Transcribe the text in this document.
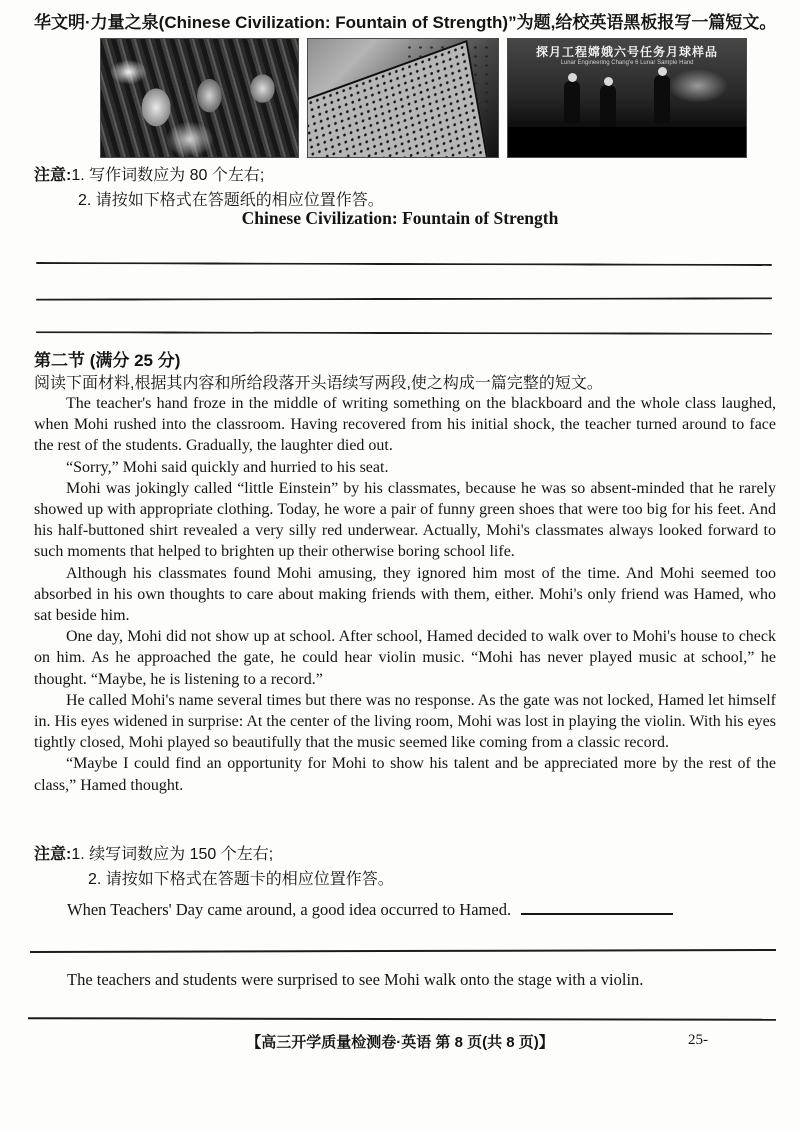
华文明·力量之泉(Chinese Civilization: Fountain of Strength)”为题,给校英语黑板报写一篇短文。
探月工程嫦娥六号任务月球样品
Lunar Engineering Chang'e 6 Lunar Sample Hand
注意:1. 写作词数应为 80 个左右;
2. 请按如下格式在答题纸的相应位置作答。
Chinese Civilization: Fountain of Strength
第二节 (满分 25 分)
阅读下面材料,根据其内容和所给段落开头语续写两段,使之构成一篇完整的短文。

The teacher's hand froze in the middle of writing something on the blackboard and the whole class laughed, when Mohi rushed into the classroom. Having recovered from his initial shock, the teacher turned around to face the rest of the students. Gradually, the laughter died out.

“Sorry,” Mohi said quickly and hurried to his seat.

Mohi was jokingly called “little Einstein” by his classmates, because he was so absent-minded that he rarely showed up with appropriate clothing. Today, he wore a pair of funny green shoes that were too big for his feet. And his half-buttoned shirt revealed a very silly red underwear. Actually, Mohi's classmates always looked forward to such moments that helped to brighten up their otherwise boring school life.

Although his classmates found Mohi amusing, they ignored him most of the time. And Mohi seemed too absorbed in his own thoughts to care about making friends with them, either. Mohi's only friend was Hamed, who sat beside him.

One day, Mohi did not show up at school. After school, Hamed decided to walk over to Mohi's house to check on him. As he approached the gate, he could hear violin music. “Mohi has never played music at school,” he thought. “Maybe, he is listening to a record.”

He called Mohi's name several times but there was no response. As the gate was not locked, Hamed let himself in. His eyes widened in surprise: At the center of the living room, Mohi was lost in playing the violin. With his eyes tightly closed, Mohi played so beautifully that the music seemed like coming from a classic record.

“Maybe I could find an opportunity for Mohi to show his talent and be appreciated more by the rest of the class,” Hamed thought.

注意:1. 续写词数应为 150 个左右;
2. 请按如下格式在答题卡的相应位置作答。
When Teachers' Day came around, a good idea occurred to Hamed.
The teachers and students were surprised to see Mohi walk onto the stage with a violin.
【高三开学质量检测卷·英语 第 8 页(共 8 页)】	25-
